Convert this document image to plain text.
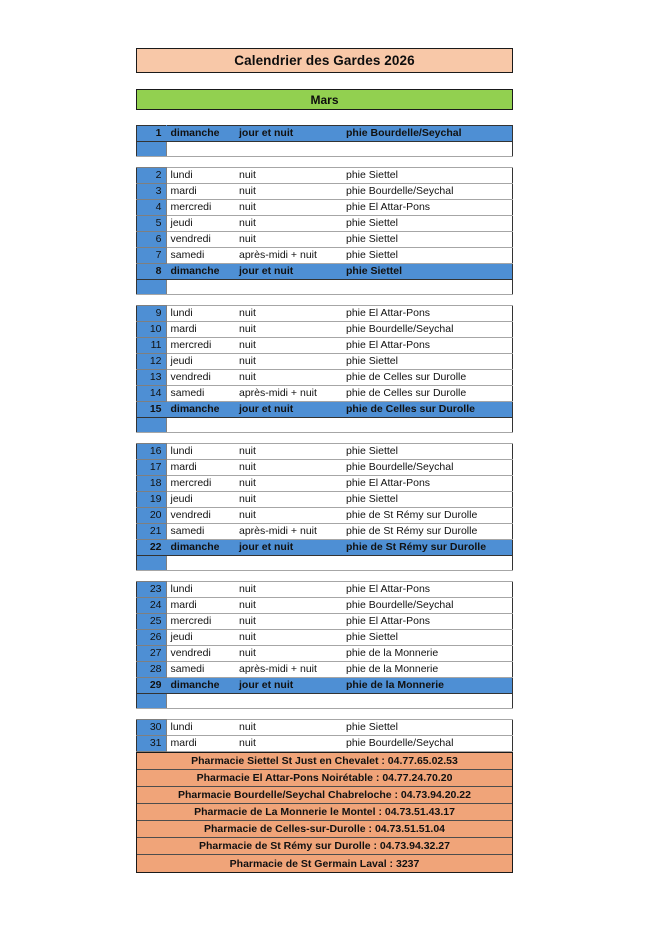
Calendrier des Gardes 2026
Mars
1	dimanche	jour et nuit	phie Bourdelle/Seychal

2	lundi	nuit	phie Siettel
3	mardi	nuit	phie Bourdelle/Seychal
4	mercredi	nuit	phie El Attar-Pons
5	jeudi	nuit	phie Siettel
6	vendredi	nuit	phie Siettel
7	samedi	après-midi + nuit	phie Siettel
8	dimanche	jour et nuit	phie Siettel

9	lundi	nuit	phie El Attar-Pons
10	mardi	nuit	phie Bourdelle/Seychal
11	mercredi	nuit	phie El Attar-Pons
12	jeudi	nuit	phie Siettel
13	vendredi	nuit	phie de Celles sur Durolle
14	samedi	après-midi + nuit	phie de Celles sur Durolle
15	dimanche	jour et nuit	phie de Celles sur Durolle

16	lundi	nuit	phie Siettel
17	mardi	nuit	phie Bourdelle/Seychal
18	mercredi	nuit	phie El Attar-Pons
19	jeudi	nuit	phie Siettel
20	vendredi	nuit	phie de St Rémy sur Durolle
21	samedi	après-midi + nuit	phie de St Rémy sur Durolle
22	dimanche	jour et nuit	phie de St Rémy sur Durolle

23	lundi	nuit	phie El Attar-Pons
24	mardi	nuit	phie Bourdelle/Seychal
25	mercredi	nuit	phie El Attar-Pons
26	jeudi	nuit	phie Siettel
27	vendredi	nuit	phie de la Monnerie
28	samedi	après-midi + nuit	phie de la Monnerie
29	dimanche	jour et nuit	phie de la Monnerie

30	lundi	nuit	phie Siettel
31	mardi	nuit	phie Bourdelle/Seychal
Pharmacie Siettel St Just en Chevalet : 04.77.65.02.53
Pharmacie El Attar-Pons Noirétable : 04.77.24.70.20
Pharmacie Bourdelle/Seychal Chabreloche : 04.73.94.20.22
Pharmacie de La Monnerie le Montel : 04.73.51.43.17
Pharmacie de Celles-sur-Durolle : 04.73.51.51.04
Pharmacie de St Rémy sur Durolle : 04.73.94.32.27
Pharmacie de St Germain Laval : 3237
